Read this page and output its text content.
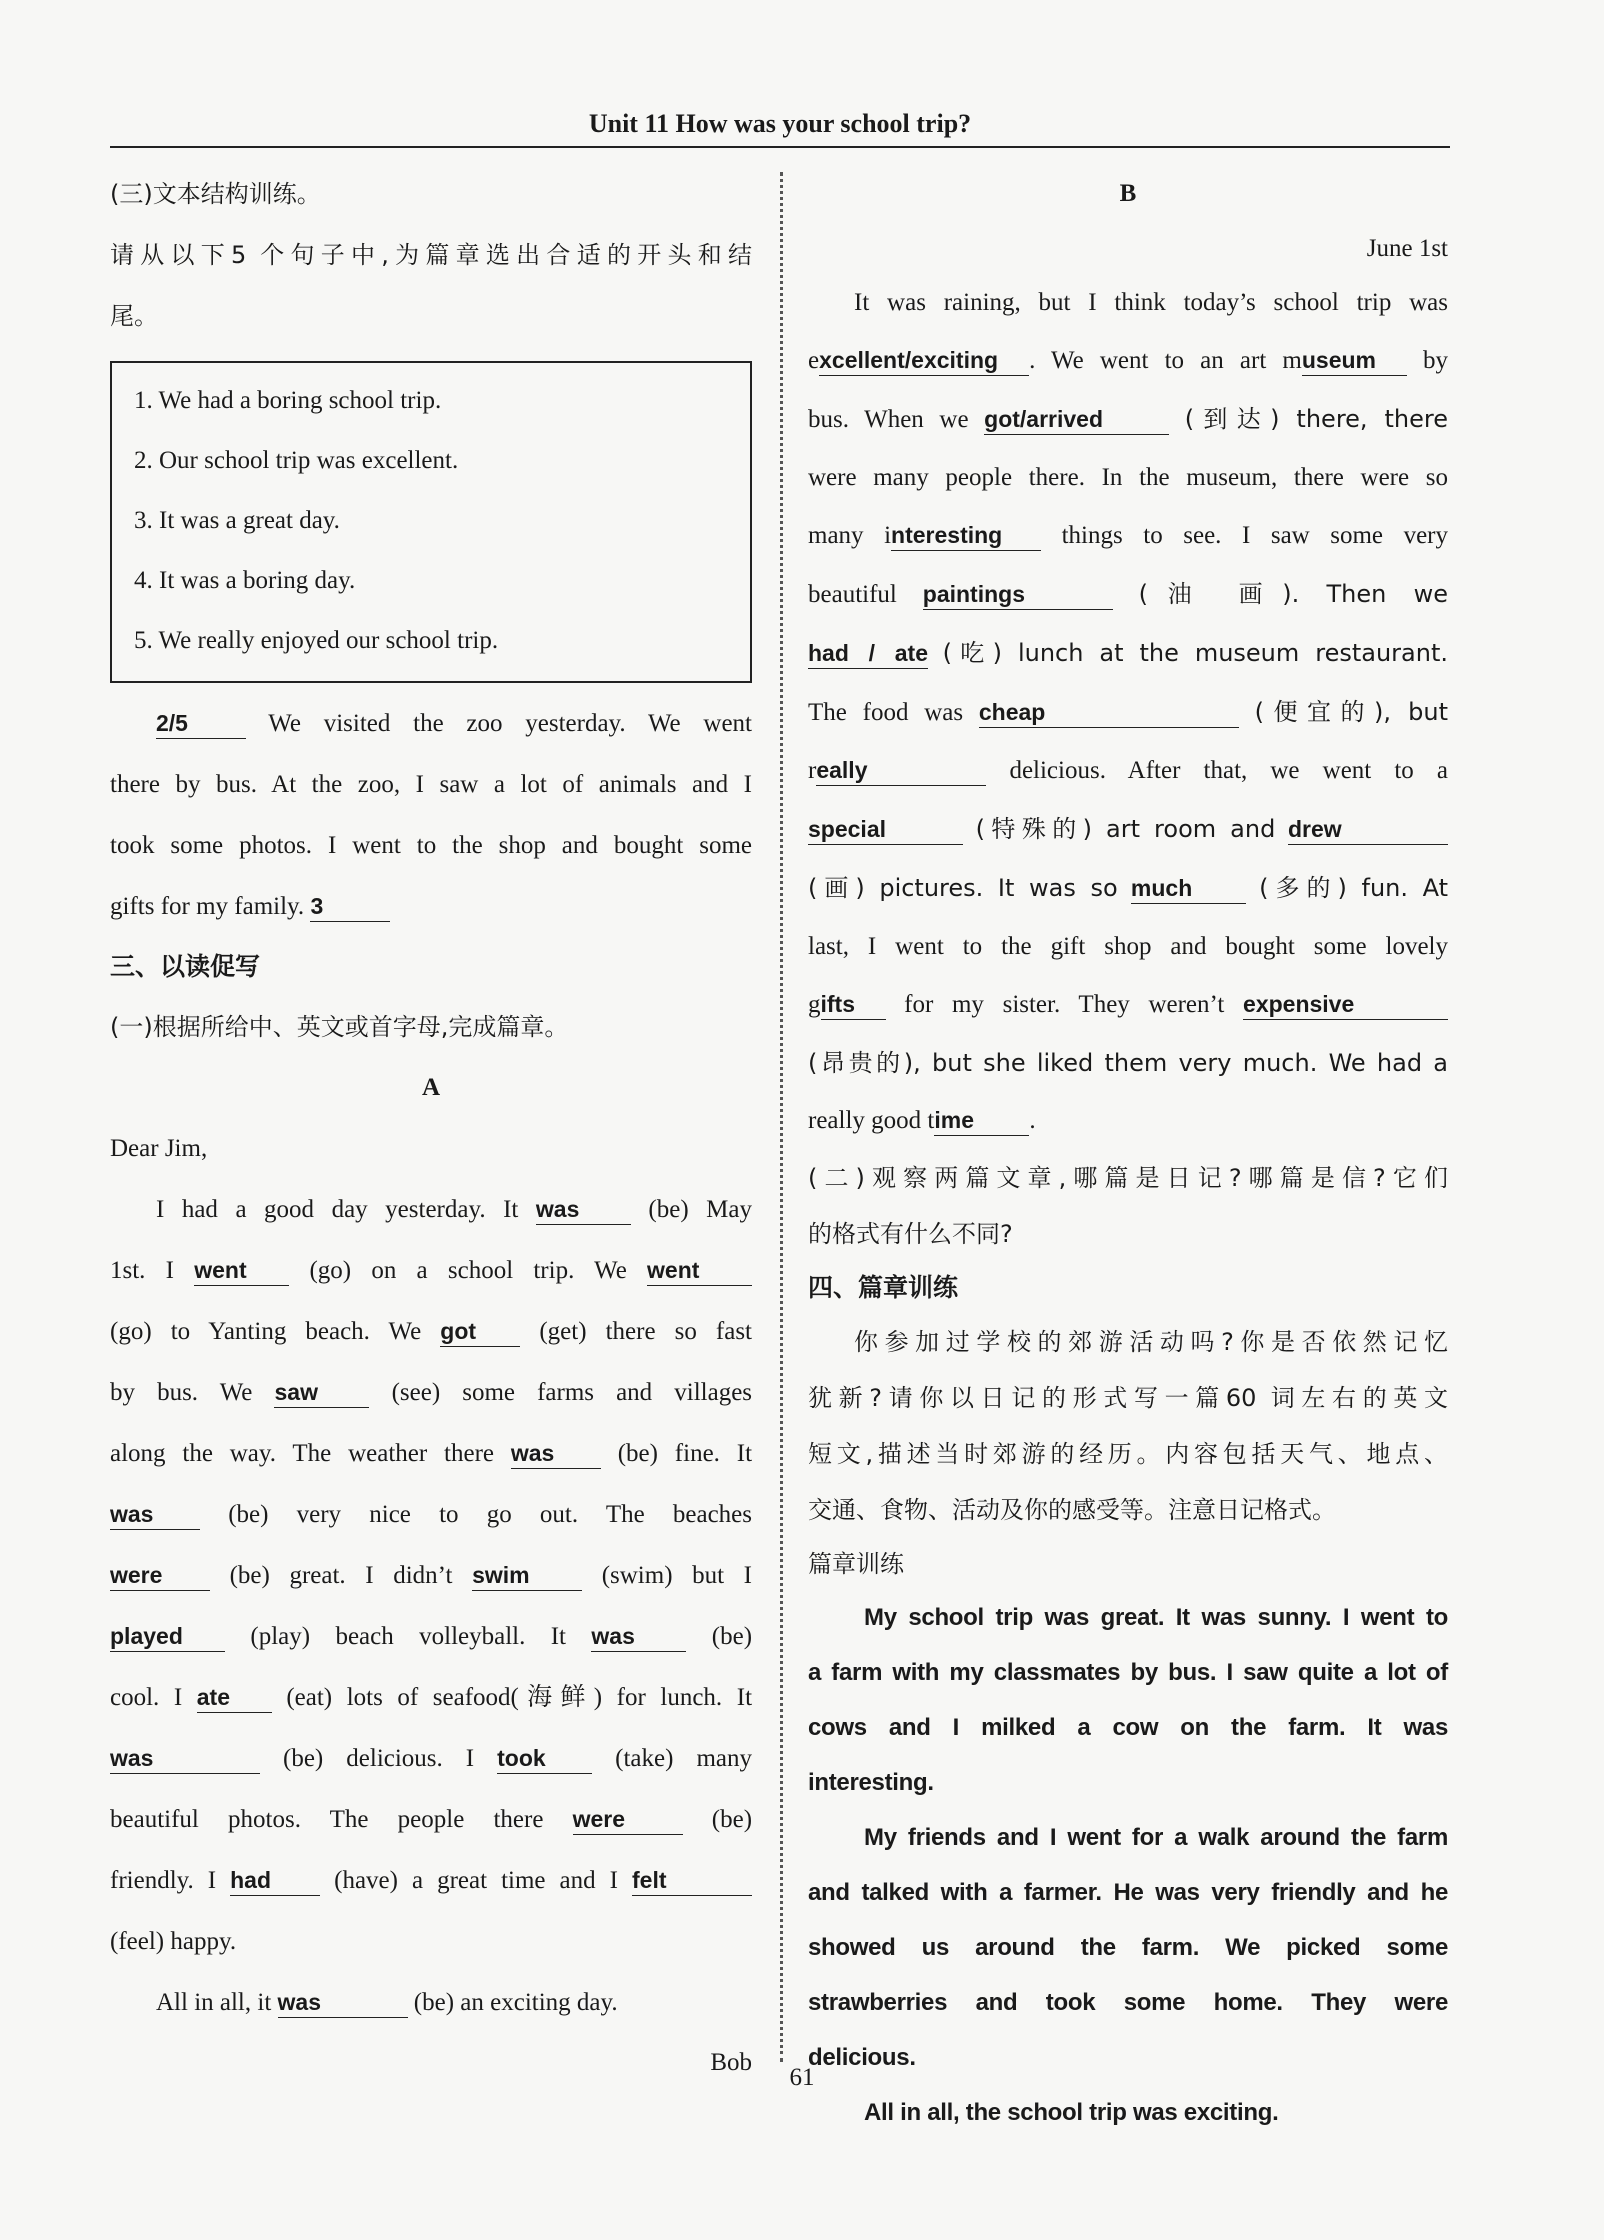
Unit 11 How was your school trip?

(三)文本结构训练。

请从以下5 个句子中,为篇章选出合适的开头和结

尾。

1. We had a boring school trip.
2. Our school trip was excellent.
3. It was a great day.
4. It was a boring day.
5. We really enjoyed our school trip.

2/5	We visited the zoo yesterday. We went

there by bus. At the zoo, I saw a lot of animals and I

took some photos. I went to the shop and bought some

gifts for my family. 3

三、以读促写

(一)根据所给中、英文或首字母,完成篇章。

A

Dear Jim,

I had a good day yesterday. It was	(be) May

1st. I went	(go) on a school trip. We went

(go) to Yanting beach. We got	(get) there so fast

by bus. We saw	(see) some farms and villages

along the way. The weather there was	(be) fine. It

was	(be) very nice to go out. The beaches

were	(be) great. I didn’t swim	(swim) but I

played	(play) beach volleyball. It was	(be)

cool. I ate (eat) lots of seafood(海鲜) for lunch. It

was	(be) delicious. I took	(take) many

beautiful photos. The people there were	(be)

friendly. I had	(have) a great time and I felt

(feel) happy.

All in all, it was	(be) an exciting day.

Bob

B

June 1st

It was raining, but I think today’s school trip was

excellent/exciting . We went to an art museum by

bus. When we got/arrived	(到达) there, there

were many people there. In the museum, there were so

many interesting things to see. I saw some very

beautiful paintings	(油 画). Then we

had / ate (吃) lunch at the museum restaurant.

The food was cheap	(便宜的), but

really	delicious. After that, we went to a

special	(特殊的) art room and drew

(画) pictures. It was so much	(多的) fun. At

last, I went to the gift shop and bought some lovely

gifts for my sister. They weren’t expensive

(昂贵的), but she liked them very much. We had a

really good time .

(二)观察两篇文章,哪篇是日记?哪篇是信?它们

的格式有什么不同?

四、篇章训练

你参加过学校的郊游活动吗?你是否依然记忆

犹新?请你以日记的形式写一篇60 词左右的英文

短文,描述当时郊游的经历。内容包括天气、地点、

交通、食物、活动及你的感受等。注意日记格式。

篇章训练

My school trip was great. It was sunny. I went to

a farm with my classmates by bus. I saw quite a lot of

cows and I milked a cow on the farm. It was

interesting.

My friends and I went for a walk around the farm

and talked with a farmer. He was very friendly and he

showed us around the farm. We picked some

strawberries and took some home. They were

delicious.

All in all, the school trip was exciting.

61
